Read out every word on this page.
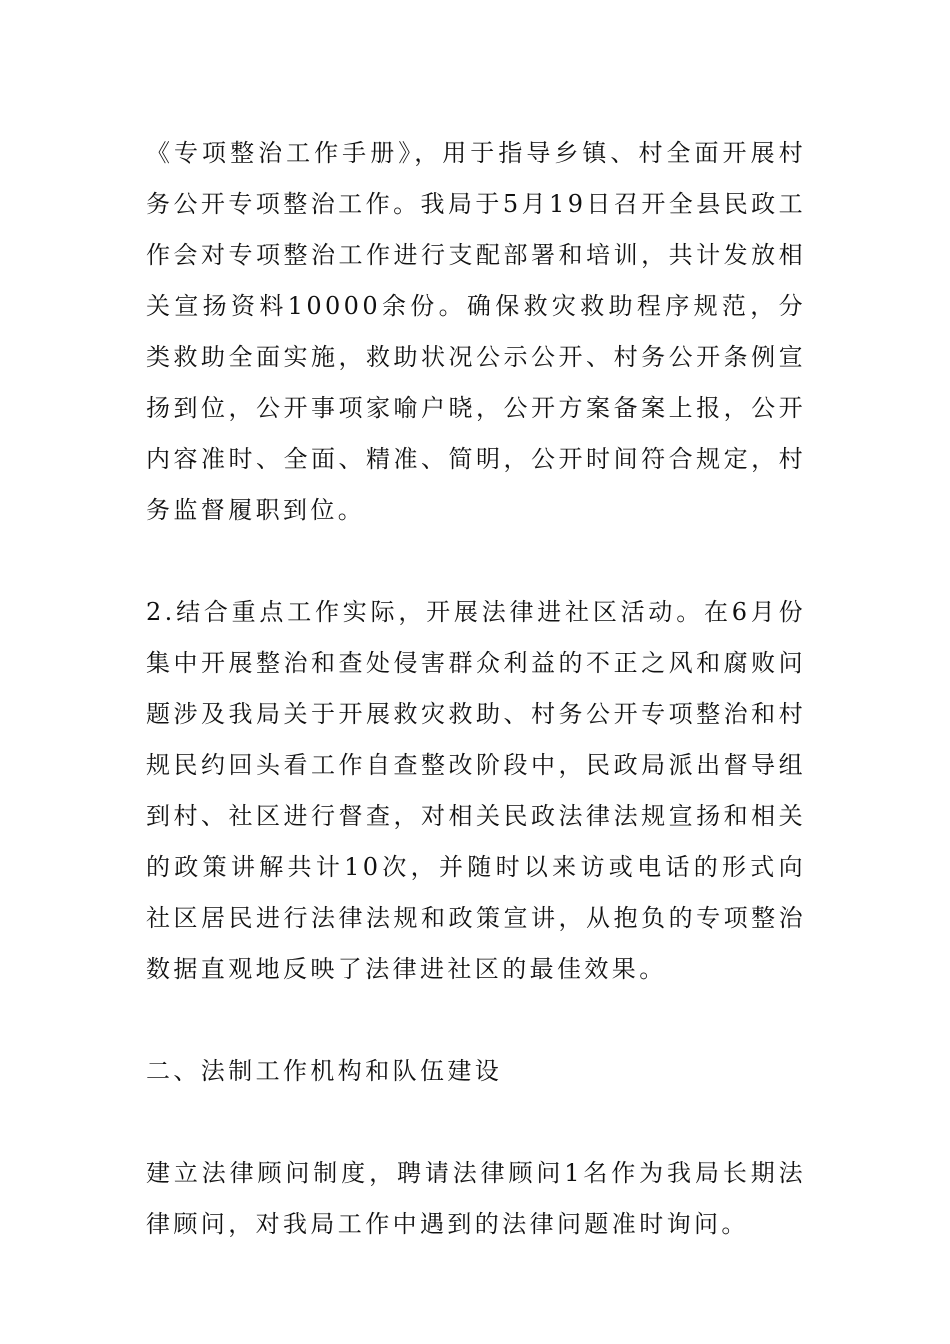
《专项整治工作手册》，用于指导乡镇、村全面开展村务公开专项整治工作。我局于5月19日召开全县民政工作会对专项整治工作进行支配部署和培训，共计发放相关宣扬资料10000余份。确保救灾救助程序规范，分类救助全面实施，救助状况公示公开、村务公开条例宣扬到位，公开事项家喻户晓，公开方案备案上报，公开内容准时、全面、精准、简明，公开时间符合规定，村务监督履职到位。

2.结合重点工作实际，开展法律进社区活动。在6月份集中开展整治和查处侵害群众利益的不正之风和腐败问题涉及我局关于开展救灾救助、村务公开专项整治和村规民约回头看工作自查整改阶段中，民政局派出督导组到村、社区进行督查，对相关民政法律法规宣扬和相关的政策讲解共计10次，并随时以来访或电话的形式向社区居民进行法律法规和政策宣讲，从抱负的专项整治数据直观地反映了法律进社区的最佳效果。

二、法制工作机构和队伍建设

建立法律顾问制度，聘请法律顾问1名作为我局长期法律顾问，对我局工作中遇到的法律问题准时询问。
